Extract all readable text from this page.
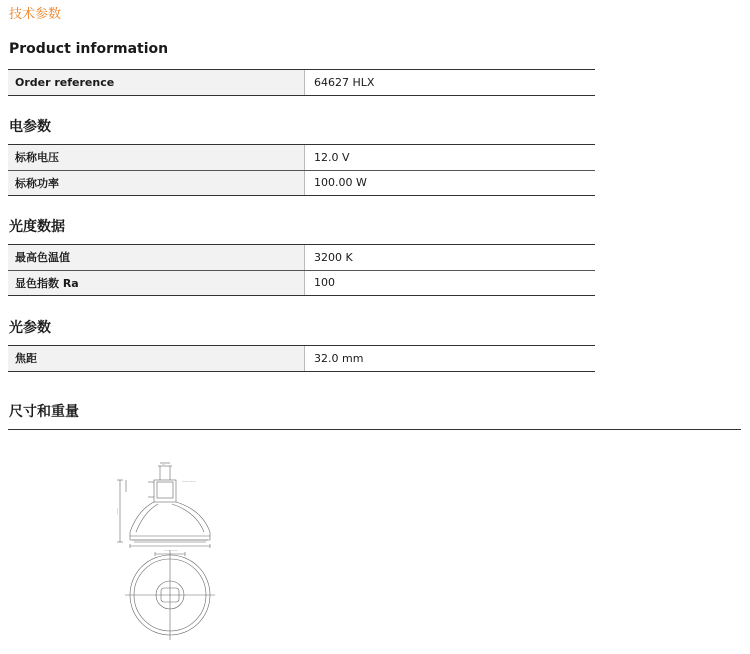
技术参数
Product information
Order reference	64627 HLX
电参数
标称电压	12.0 V
标称功率	100.00 W
光度数据
最高色温值	3200 K
显色指数 Ra	100
光参数
焦距	32.0 mm
尺寸和重量
—
—— ——
——
—— ——
